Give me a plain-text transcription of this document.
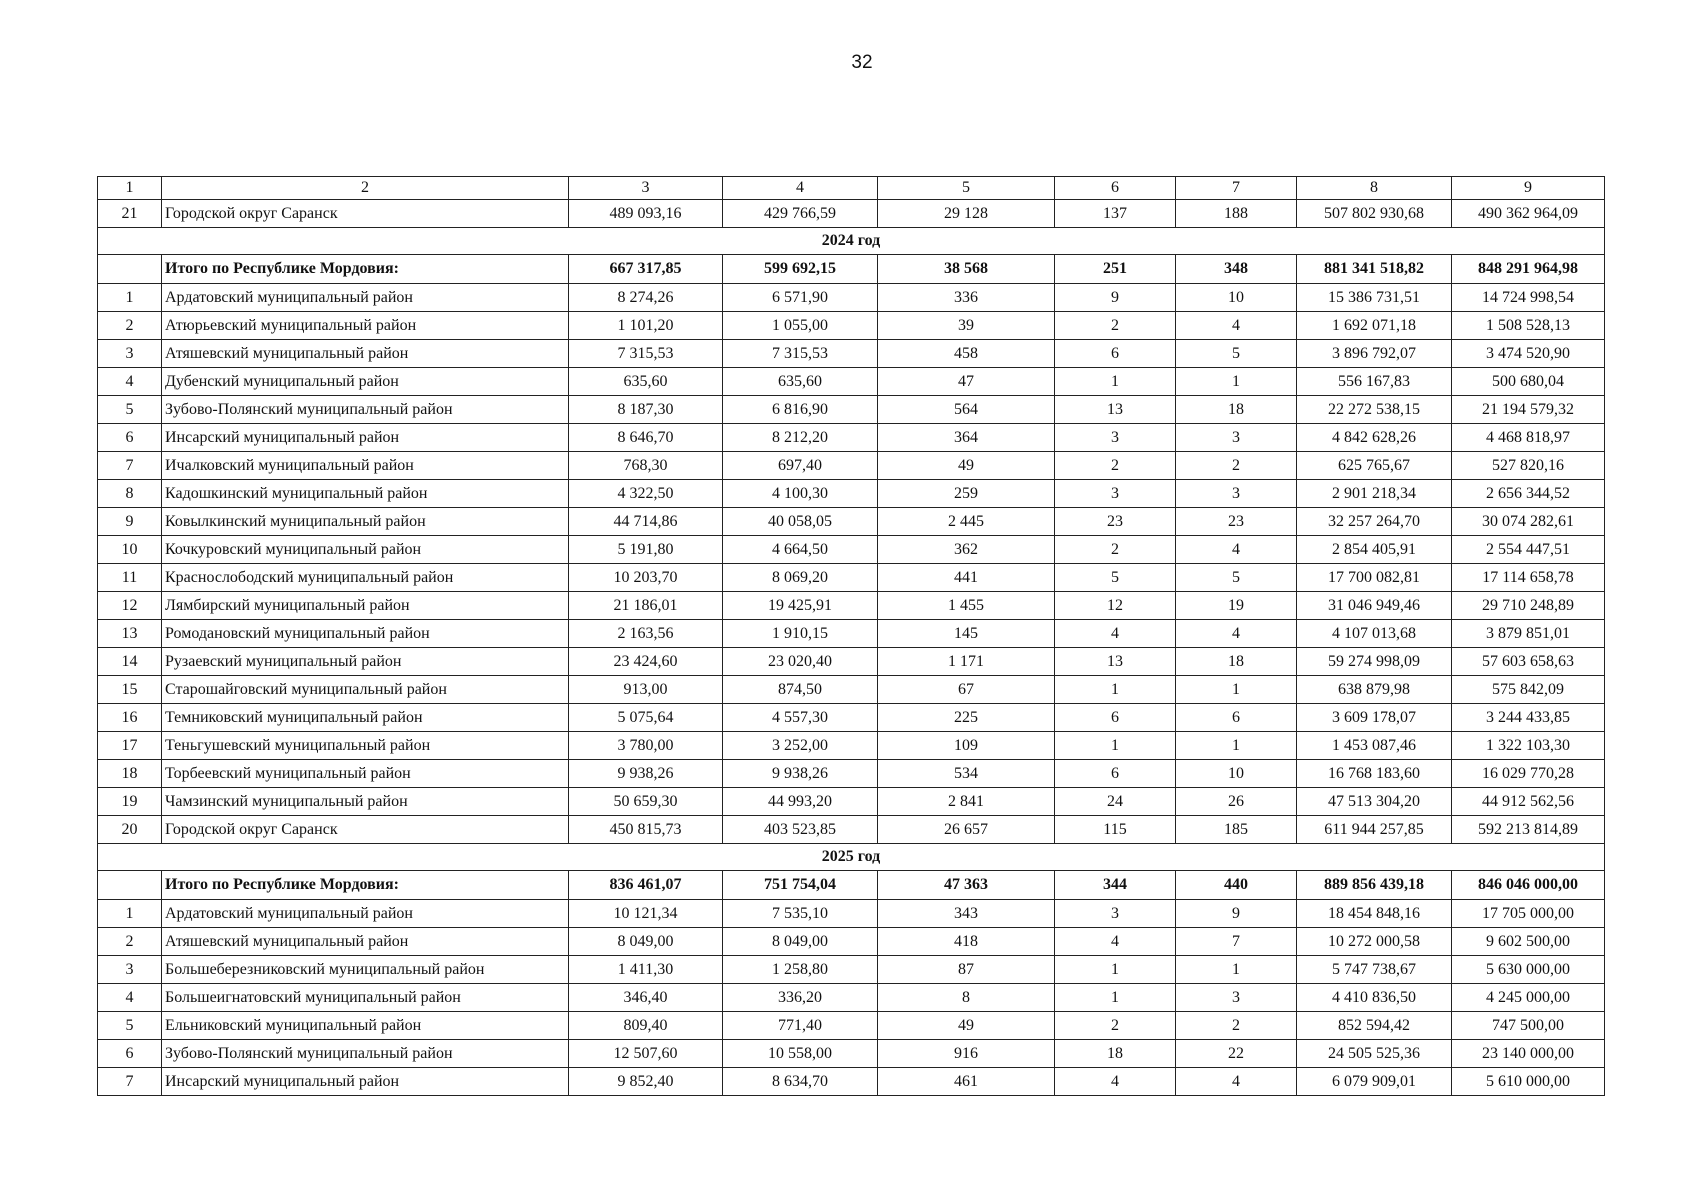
32
1	2	3	4	5	6	7	8	9
21	Городской округ Саранск	489 093,16	429 766,59	29 128	137	188	507 802 930,68	490 362 964,09
2024 год								
	Итого по Республике Мордовия:	667 317,85	599 692,15	38 568	251	348	881 341 518,82	848 291 964,98
1	Ардатовский муниципальный район	8 274,26	6 571,90	336	9	10	15 386 731,51	14 724 998,54
2	Атюрьевский муниципальный район	1 101,20	1 055,00	39	2	4	1 692 071,18	1 508 528,13
3	Атяшевский муниципальный район	7 315,53	7 315,53	458	6	5	3 896 792,07	3 474 520,90
4	Дубенский муниципальный район	635,60	635,60	47	1	1	556 167,83	500 680,04
5	Зубово-Полянский муниципальный район	8 187,30	6 816,90	564	13	18	22 272 538,15	21 194 579,32
6	Инсарский муниципальный район	8 646,70	8 212,20	364	3	3	4 842 628,26	4 468 818,97
7	Ичалковский муниципальный район	768,30	697,40	49	2	2	625 765,67	527 820,16
8	Кадошкинский муниципальный район	4 322,50	4 100,30	259	3	3	2 901 218,34	2 656 344,52
9	Ковылкинский муниципальный район	44 714,86	40 058,05	2 445	23	23	32 257 264,70	30 074 282,61
10	Кочкуровский муниципальный район	5 191,80	4 664,50	362	2	4	2 854 405,91	2 554 447,51
11	Краснослободский муниципальный район	10 203,70	8 069,20	441	5	5	17 700 082,81	17 114 658,78
12	Лямбирский муниципальный район	21 186,01	19 425,91	1 455	12	19	31 046 949,46	29 710 248,89
13	Ромодановский муниципальный район	2 163,56	1 910,15	145	4	4	4 107 013,68	3 879 851,01
14	Рузаевский муниципальный район	23 424,60	23 020,40	1 171	13	18	59 274 998,09	57 603 658,63
15	Старошайговский муниципальный район	913,00	874,50	67	1	1	638 879,98	575 842,09
16	Темниковский муниципальный район	5 075,64	4 557,30	225	6	6	3 609 178,07	3 244 433,85
17	Теньгушевский муниципальный район	3 780,00	3 252,00	109	1	1	1 453 087,46	1 322 103,30
18	Торбеевский муниципальный район	9 938,26	9 938,26	534	6	10	16 768 183,60	16 029 770,28
19	Чамзинский муниципальный район	50 659,30	44 993,20	2 841	24	26	47 513 304,20	44 912 562,56
20	Городской округ Саранск	450 815,73	403 523,85	26 657	115	185	611 944 257,85	592 213 814,89
2025 год								
	Итого по Республике Мордовия:	836 461,07	751 754,04	47 363	344	440	889 856 439,18	846 046 000,00
1	Ардатовский муниципальный район	10 121,34	7 535,10	343	3	9	18 454 848,16	17 705 000,00
2	Атяшевский муниципальный район	8 049,00	8 049,00	418	4	7	10 272 000,58	9 602 500,00
3	Большеберезниковский муниципальный район	1 411,30	1 258,80	87	1	1	5 747 738,67	5 630 000,00
4	Большеигнатовский муниципальный район	346,40	336,20	8	1	3	4 410 836,50	4 245 000,00
5	Ельниковский муниципальный район	809,40	771,40	49	2	2	852 594,42	747 500,00
6	Зубово-Полянский муниципальный район	12 507,60	10 558,00	916	18	22	24 505 525,36	23 140 000,00
7	Инсарский муниципальный район	9 852,40	8 634,70	461	4	4	6 079 909,01	5 610 000,00
